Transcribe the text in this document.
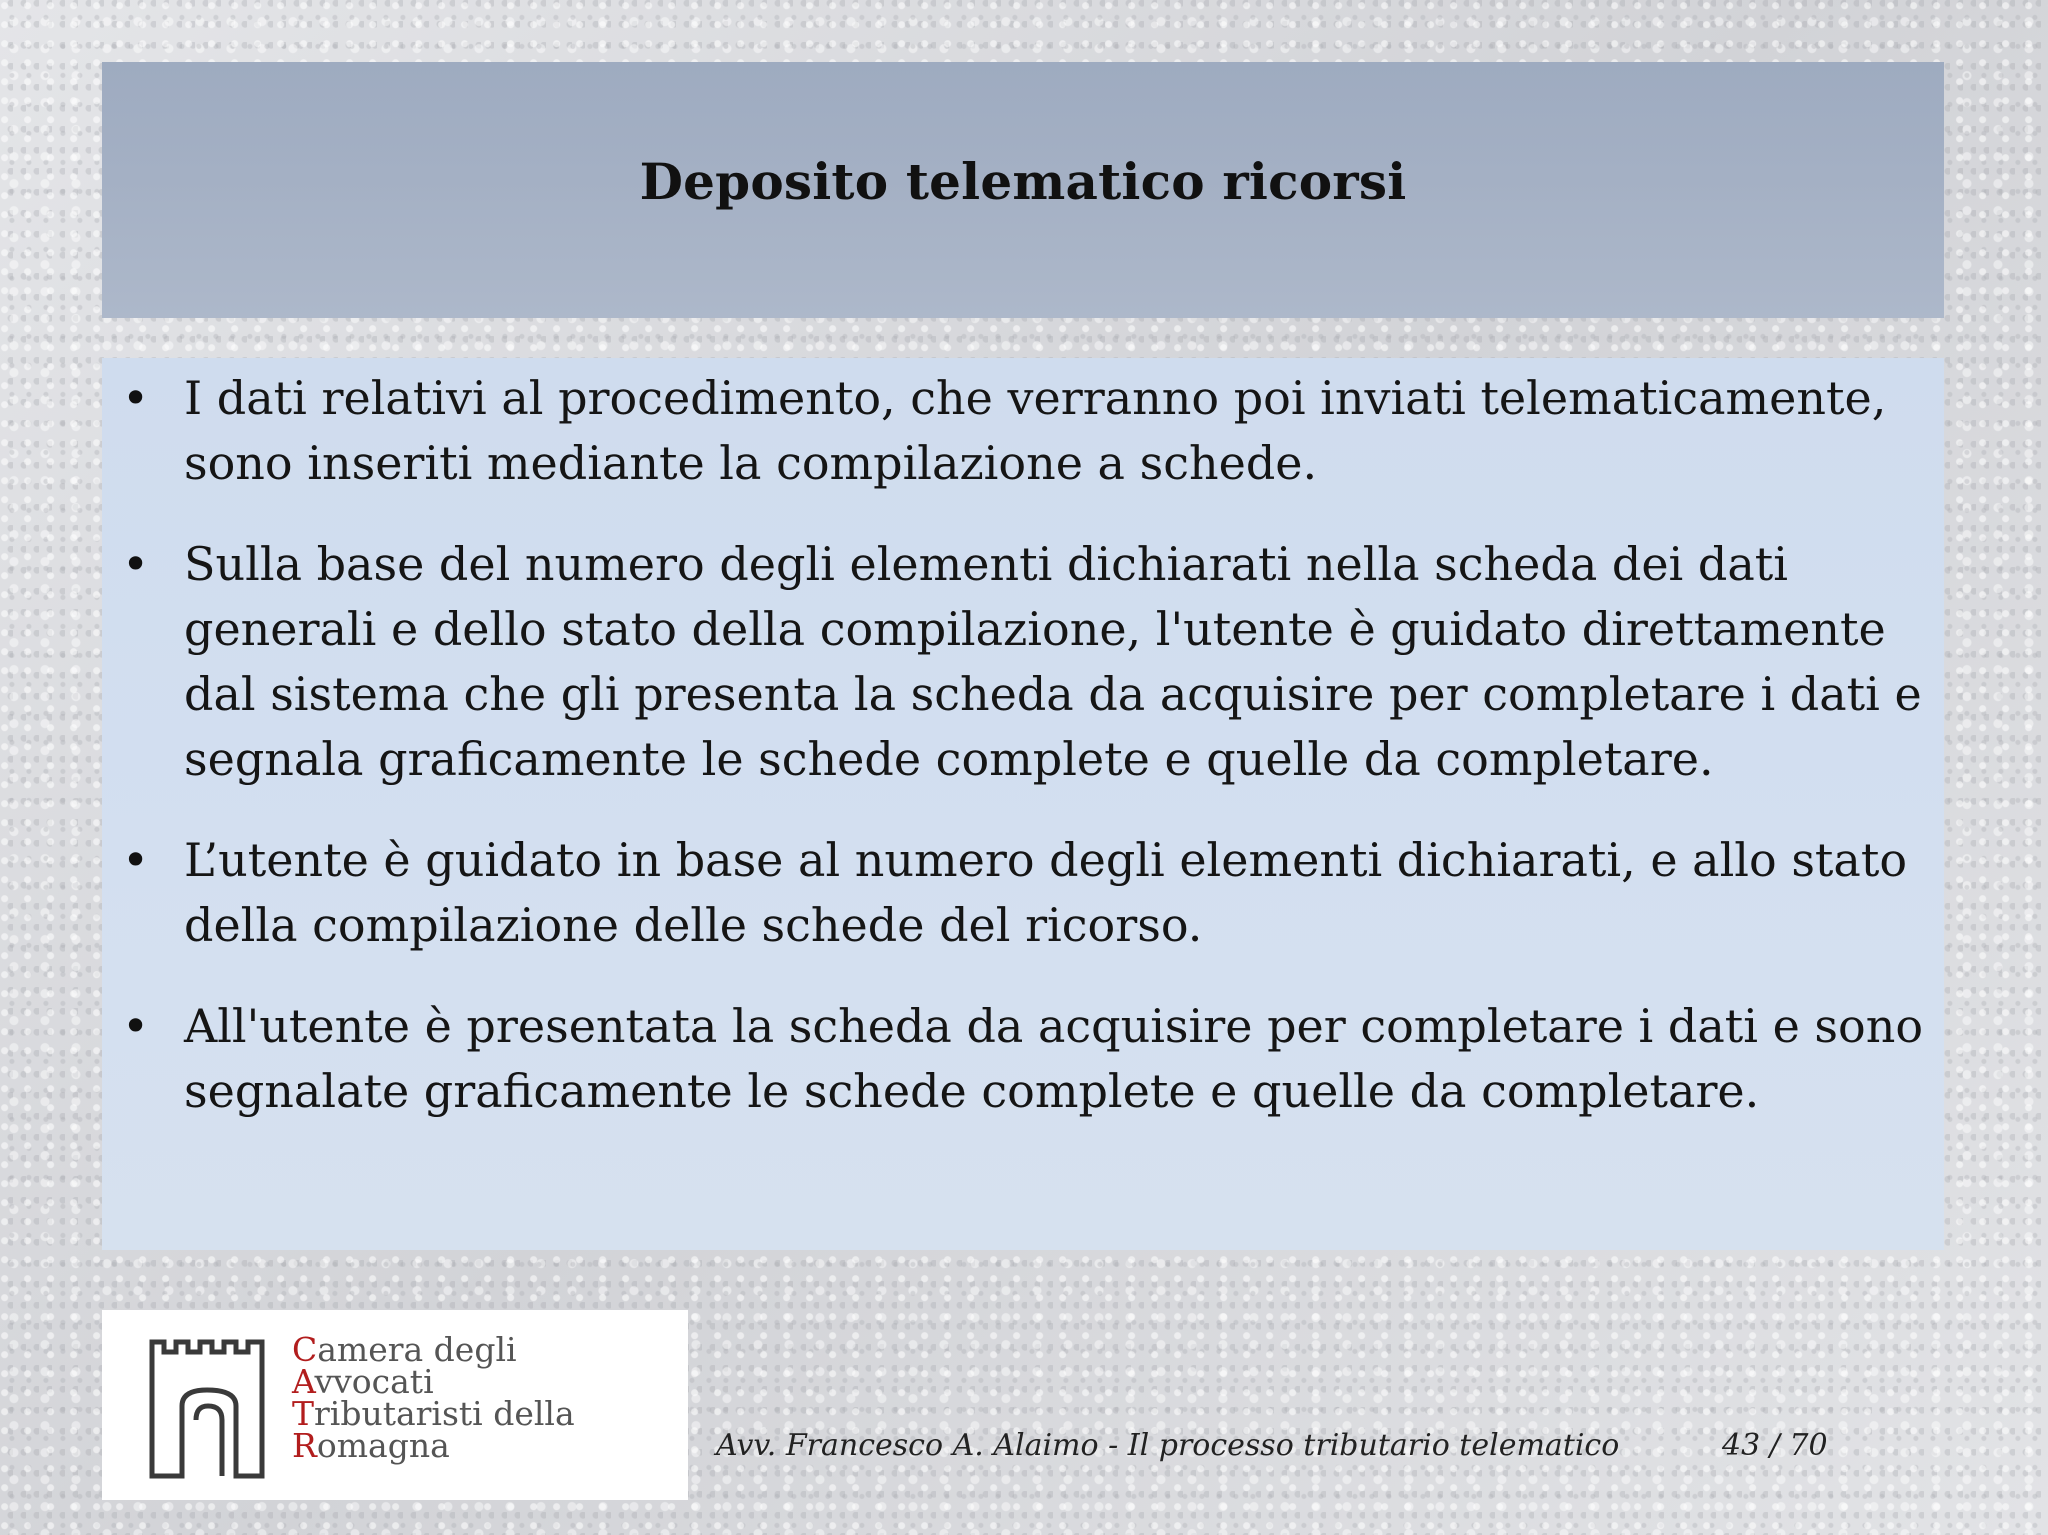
Deposito telematico ricorsi
• I dati relativi al procedimento, che verranno poi inviati telematicamente, sono inseriti mediante la compilazione a schede.
• Sulla base del numero degli elementi dichiarati nella scheda dei dati generali e dello stato della compilazione, l'utente è guidato direttamente dal sistema che gli presenta la scheda da acquisire per completare i dati e segnala graficamente le schede complete e quelle da completare.
• L’utente è guidato in base al numero degli elementi dichiarati, e allo stato della compilazione delle schede del ricorso.
• All'utente è presentata la scheda da acquisire per completare i dati e sono segnalate graficamente le schede complete e quelle da completare.
Camera degli
Avvocati
Tributaristi della
Romagna	Avv. Francesco A. Alaimo - Il processo tributario telematico	43 / 70
